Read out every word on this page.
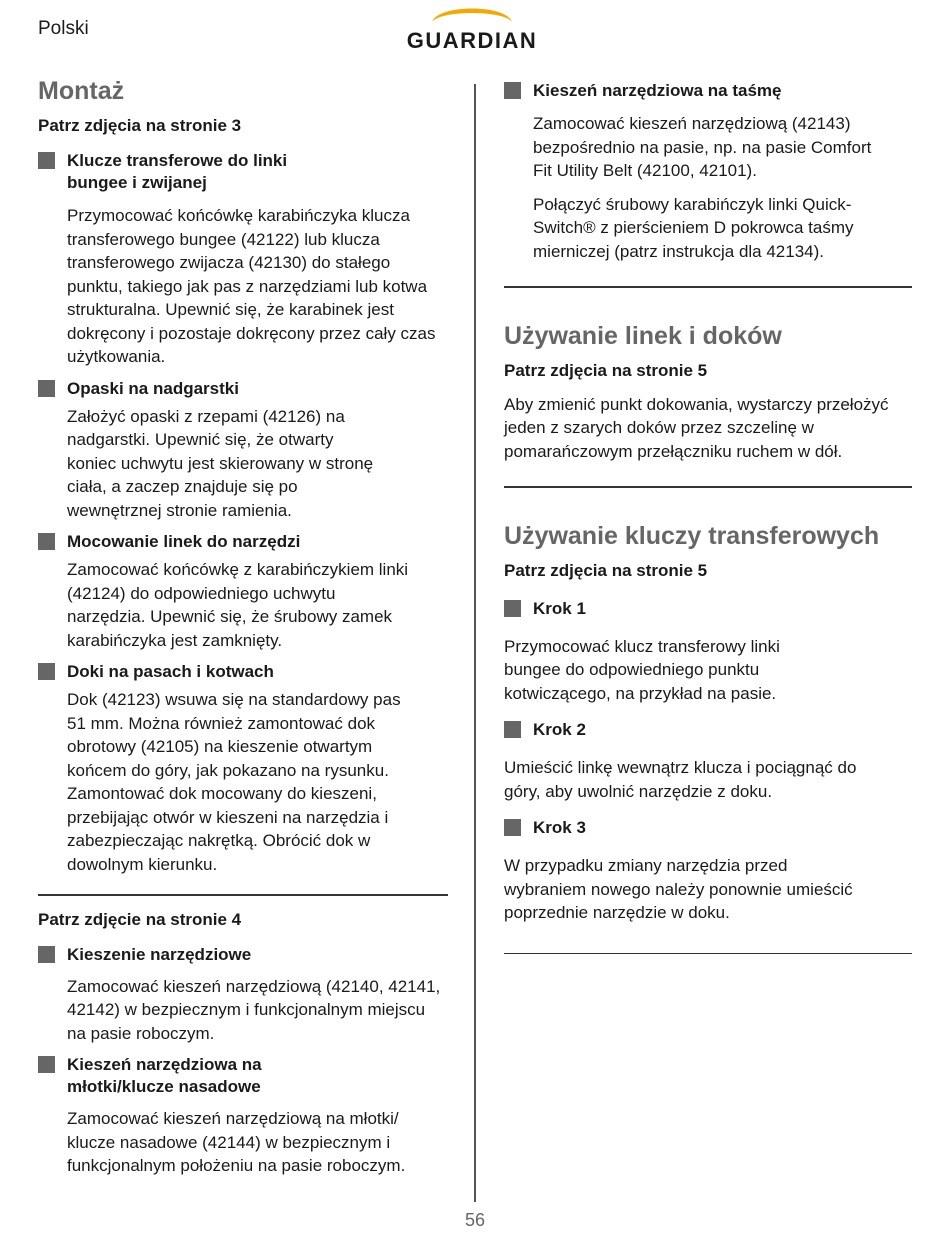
Polski	GUARDIAN
Montaż

Patrz zdjęcia na stronie 3

Klucze transferowe do linki bungee i zwijanej

Przymocować końcówkę karabińczyka klucza transferowego bungee (42122) lub klucza transferowego zwijacza (42130) do stałego punktu, takiego jak pas z narzędziami lub kotwa strukturalna. Upewnić się, że karabinek jest dokręcony i pozostaje dokręcony przez cały czas użytkowania.

Opaski na nadgarstki

Założyć opaski z rzepami (42126) na nadgarstki. Upewnić się, że otwarty koniec uchwytu jest skierowany w stronę ciała, a zaczep znajduje się po wewnętrznej stronie ramienia.

Mocowanie linek do narzędzi

Zamocować końcówkę z karabińczykiem linki (42124) do odpowiedniego uchwytu narzędzia. Upewnić się, że śrubowy zamek karabińczyka jest zamknięty.

Doki na pasach i kotwach

Dok (42123) wsuwa się na standardowy pas 51 mm. Można również zamontować dok obrotowy (42105) na kieszenie otwartym końcem do góry, jak pokazano na rysunku. Zamontować dok mocowany do kieszeni, przebijając otwór w kieszeni na narzędzia i zabezpieczając nakrętką. Obrócić dok w dowolnym kierunku.

Patrz zdjęcie na stronie 4

Kieszenie narzędziowe

Zamocować kieszeń narzędziową (42140, 42141, 42142) w bezpiecznym i funkcjonalnym miejscu na pasie roboczym.

Kieszeń narzędziowa na młotki/klucze nasadowe

Zamocować kieszeń narzędziową na młotki/ klucze nasadowe (42144) w bezpiecznym i funkcjonalnym położeniu na pasie roboczym.

Kieszeń narzędziowa na taśmę

Zamocować kieszeń narzędziową (42143) bezpośrednio na pasie, np. na pasie Comfort Fit Utility Belt (42100, 42101).

Połączyć śrubowy karabińczyk linki Quick-Switch® z pierścieniem D pokrowca taśmy mierniczej (patrz instrukcja dla 42134).

Używanie linek i doków

Patrz zdjęcia na stronie 5

Aby zmienić punkt dokowania, wystarczy przełożyć jeden z szarych doków przez szczelinę w pomarańczowym przełączniku ruchem w dół.

Używanie kluczy transferowych

Patrz zdjęcia na stronie 5

Krok 1

Przymocować klucz transferowy linki bungee do odpowiedniego punktu kotwiczącego, na przykład na pasie.

Krok 2

Umieścić linkę wewnątrz klucza i pociągnąć do góry, aby uwolnić narzędzie z doku.

Krok 3

W przypadku zmiany narzędzia przed wybraniem nowego należy ponownie umieścić poprzednie narzędzie w doku.

56
